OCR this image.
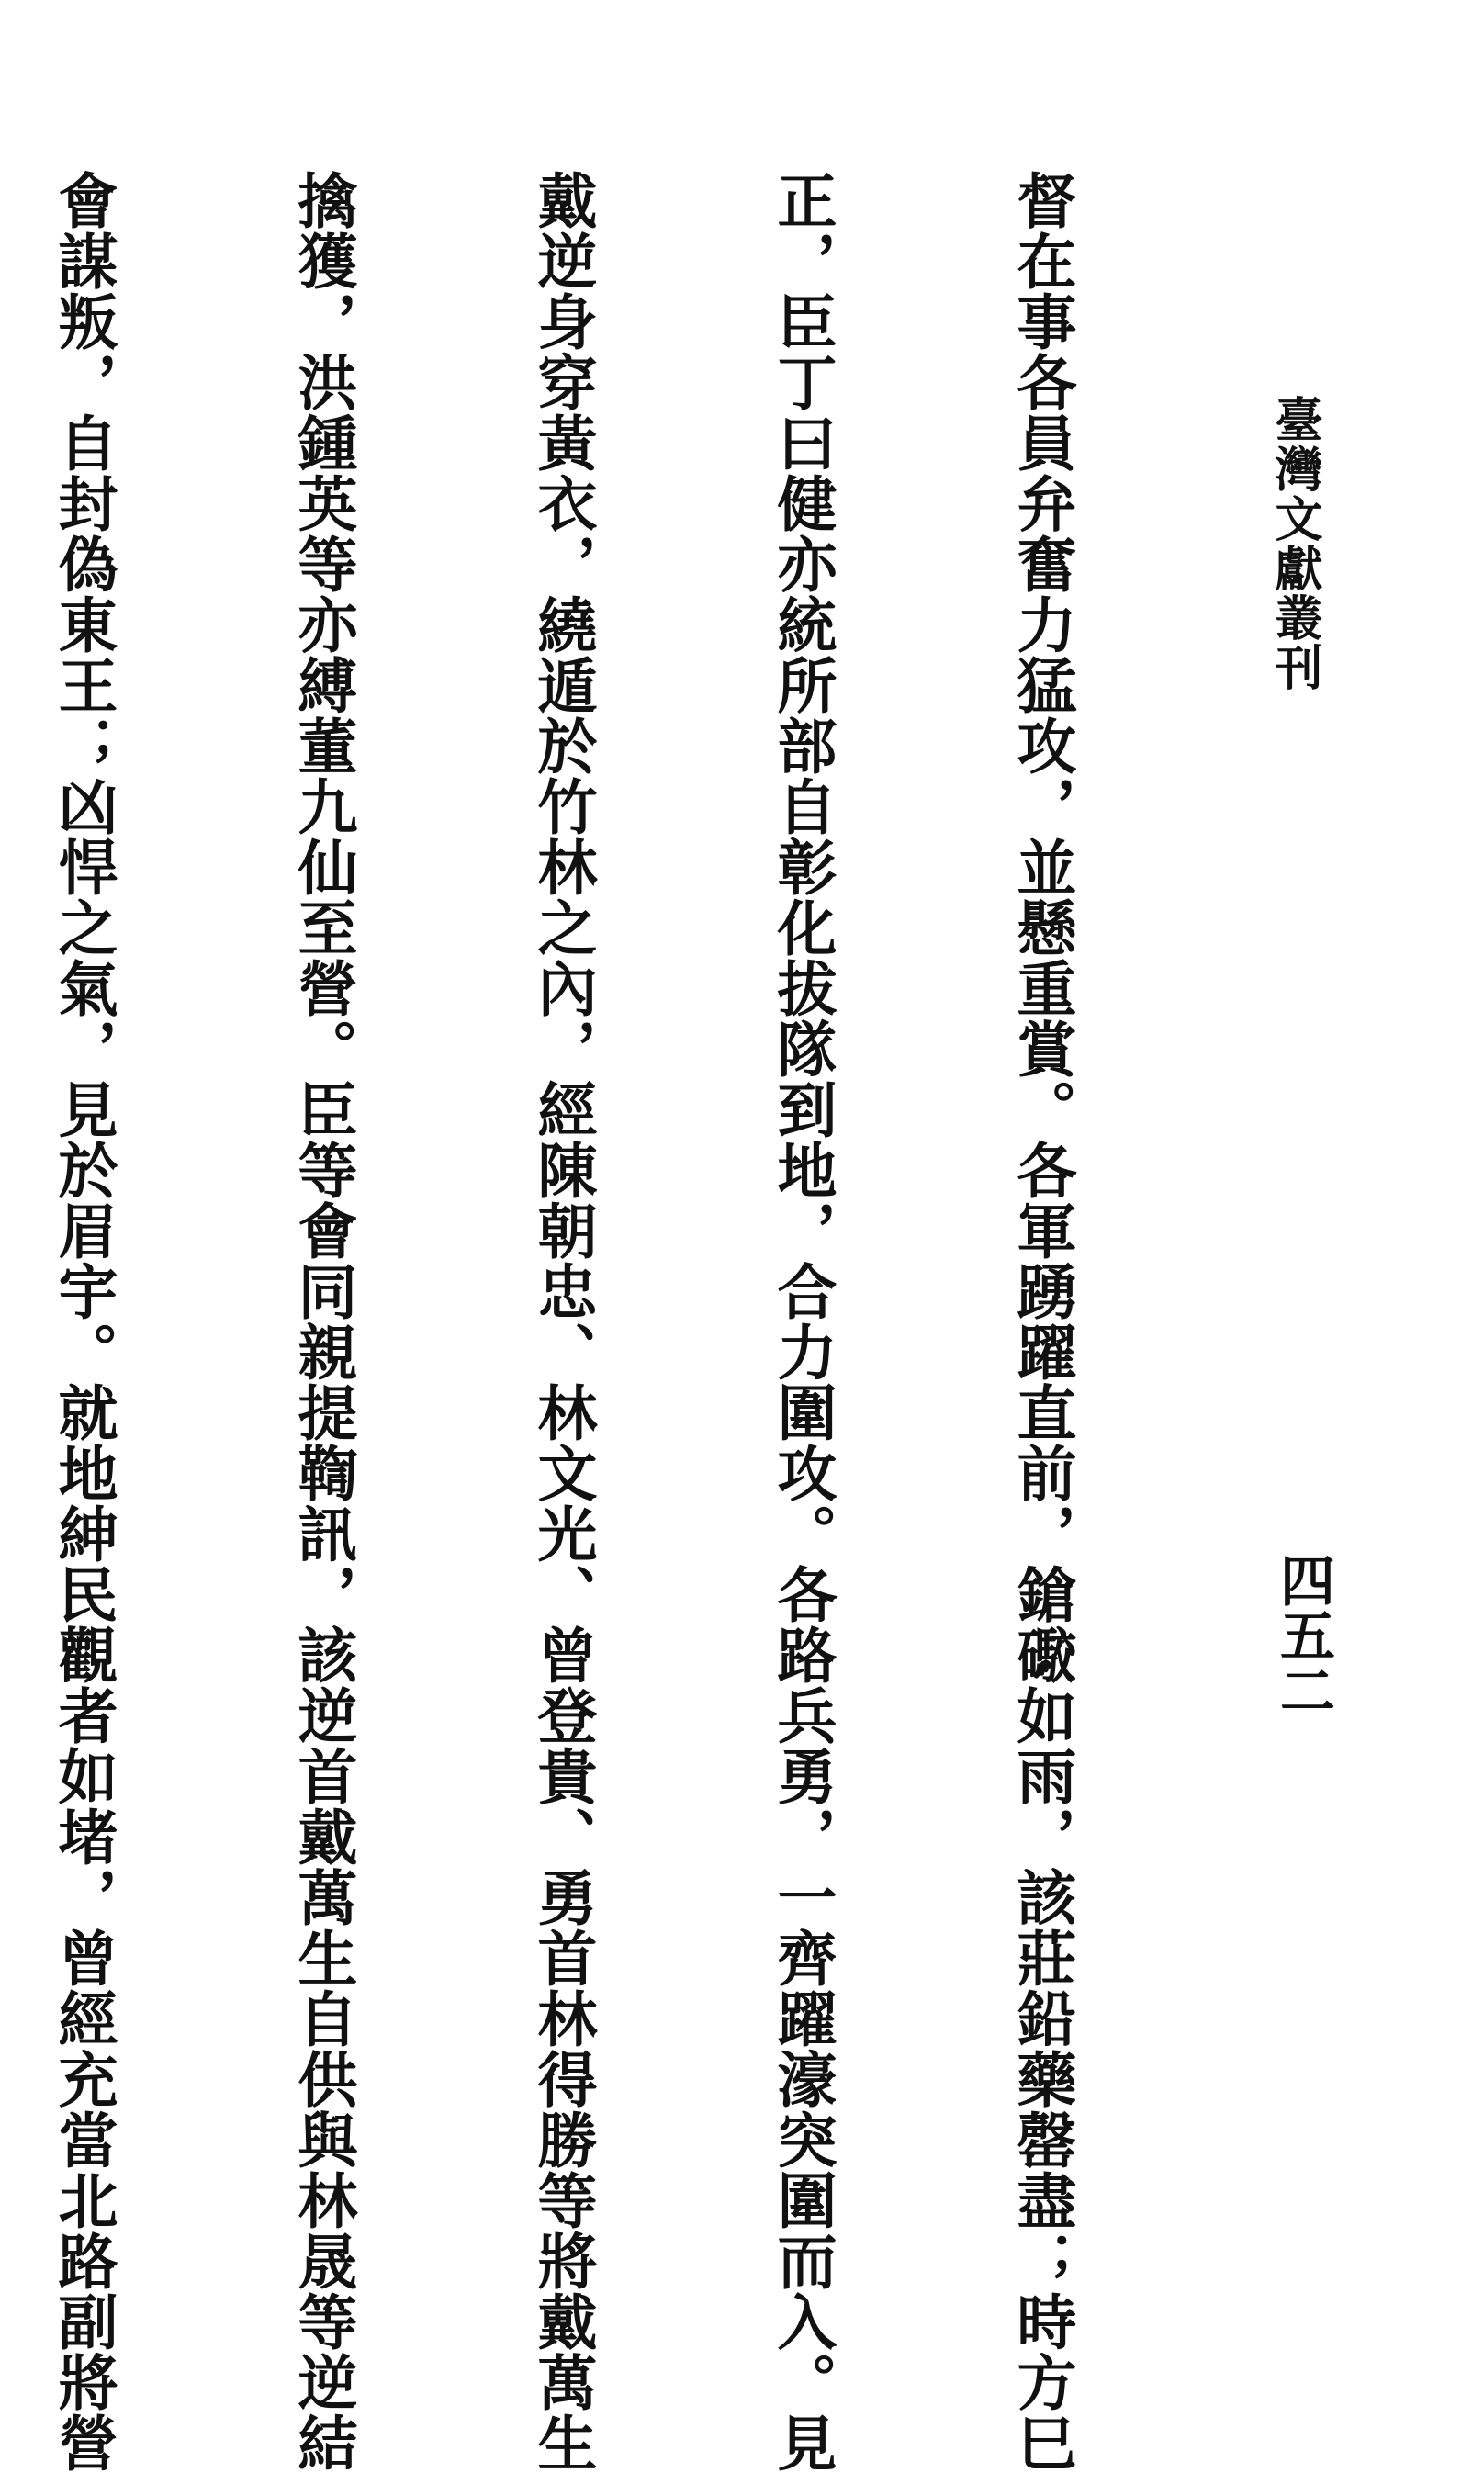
臺灣文獻叢刊
四五二

督在事各員弁奮力猛攻，並懸重賞。各軍踴躍直前，鎗礮如雨，該莊鉛藥罄盡；時方巳

正，臣丁曰健亦統所部自彰化拔隊到地，合力圍攻。各路兵勇，一齊躍濠突圍而入。見

戴逆身穿黃衣，繞遁於竹林之內，經陳朝忠、林文光、曾登貴、勇首林得勝等將戴萬生

擒獲，洪鍾英等亦縛董九仙至營。臣等會同親提鞫訊，該逆首戴萬生自供與林晟等逆結

會謀叛，自封偽東王；凶悍之氣，見於眉宇。就地紳民觀者如堵，曾經充當北路副將營
